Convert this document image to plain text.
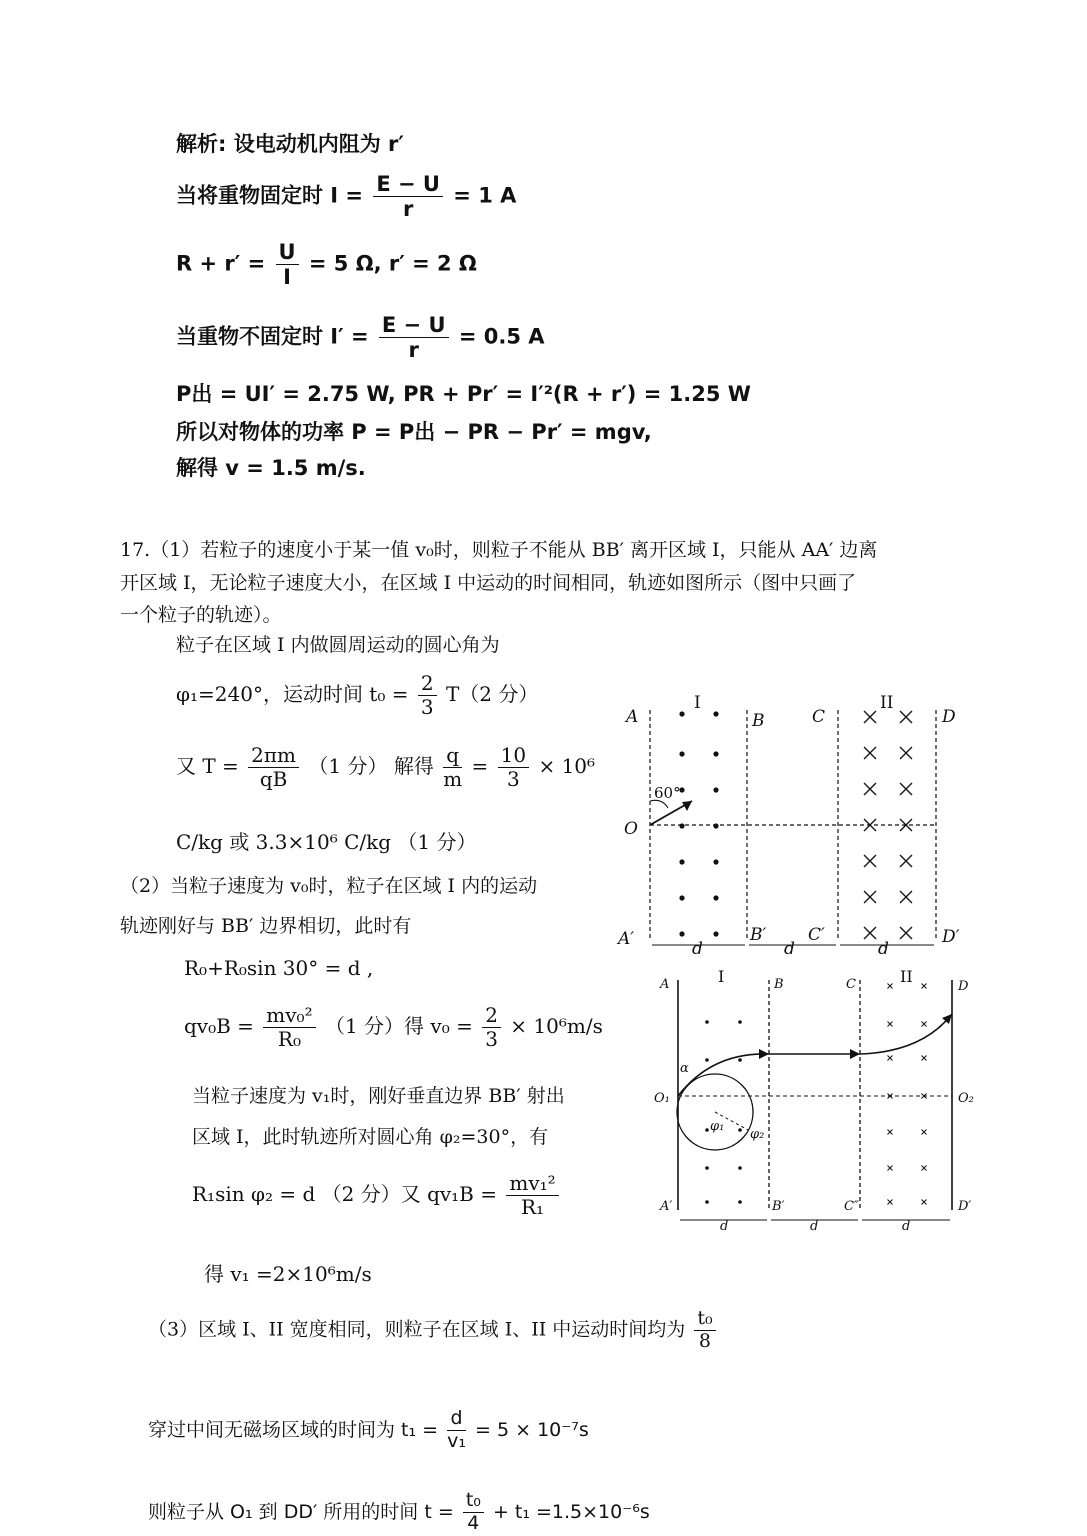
解析: 设电动机内阻为 r′
当将重物固定时 $I = \frac{E - U}{r} = 1$ A
$R + r' = \frac{U}{I} = 5$ Ω, r′ = 2 Ω
当重物不固定时 $I' = \frac{E - U}{r} = 0.5$ A
P出 = UI′ = 2.75 W, PR + Pr′ = I′²(R + r′) = 1.25 W
所以对物体的功率 P = P出 − PR − Pr′ = mgv,
解得 v = 1.5 m/s.
17.（1）若粒子的速度小于某一值 v₀时，则粒子不能从 BB′ 离开区域 I，只能从 AA′ 边离
开区域 I，无论粒子速度大小，在区域 I 中运动的时间相同，轨迹如图所示（图中只画了
一个粒子的轨迹）。
粒子在区域 I 内做圆周运动的圆心角为
φ₁=240°，运动时间 $t_0 = \frac{2}{3} T(2$ 分）
又 $T = \frac{2\pi m}{qB} (1$ 分） 解得 $\frac{q}{m} = \frac{10}{3} \times 10^6$
C/kg 或 3.3×10⁶ C/kg （1 分）
（2）当粒子速度为 v₀时，粒子在区域 I 内的运动
轨迹刚好与 BB′ 边界相切，此时有
R₀+R₀sin 30° = d ,
$qv_0B = \frac{\text{mv₀²}}{\text{R₀}} (1$ 分）得 $v_0 = \frac{2}{3} \times 10^6m/s$
当粒子速度为 v₁时，刚好垂直边界 BB′ 射出
区域 I，此时轨迹所对圆心角 φ₂=30°，有
R₁sin φ₂ = d （2 分）又 $qv_1B = \frac{\text{mv₁²}}{\text{R₁}}$
得 v₁ =2×10⁶m/s
（3）区域 I、II 宽度相同，则粒子在区域 I、II 中运动时间均为 $\frac{\text{t₀}}{8}$
穿过中间无磁场区域的时间为 $t_1 = \frac{d}{\text{v₁}} = 5 \times 10^{-7}s$
则粒子从 O₁ 到 DD′ 所用的时间 $t = \frac{\text{t₀}}{4} + t_1 =1.5\times 10^{-6}s$
A	B	C	D
O
A′	B′ C′	D′
I	II
60°
d	d	d
A	B	C	D
O₁	O₂
A′	B′	C″	D′
I	II
d	d	d
α
φ₁
φ₂
